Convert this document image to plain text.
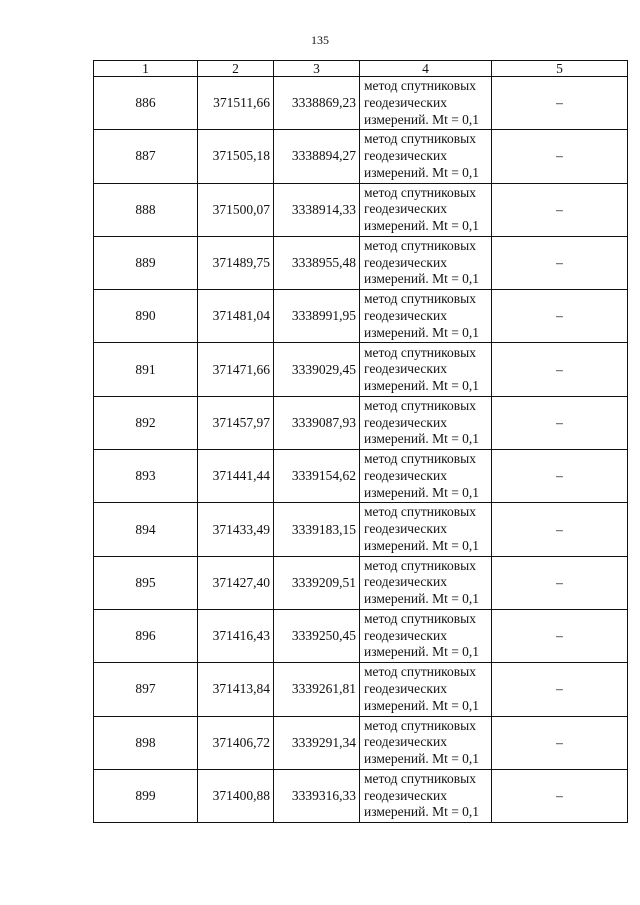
135
1	2	3	4	5
886	371511,66	3338869,23	метод спутниковых
геодезических
измерений. Mt = 0,1	–
887	371505,18	3338894,27	метод спутниковых
геодезических
измерений. Mt = 0,1	–
888	371500,07	3338914,33	метод спутниковых
геодезических
измерений. Mt = 0,1	–
889	371489,75	3338955,48	метод спутниковых
геодезических
измерений. Mt = 0,1	–
890	371481,04	3338991,95	метод спутниковых
геодезических
измерений. Mt = 0,1	–
891	371471,66	3339029,45	метод спутниковых
геодезических
измерений. Mt = 0,1	–
892	371457,97	3339087,93	метод спутниковых
геодезических
измерений. Mt = 0,1	–
893	371441,44	3339154,62	метод спутниковых
геодезических
измерений. Mt = 0,1	–
894	371433,49	3339183,15	метод спутниковых
геодезических
измерений. Mt = 0,1	–
895	371427,40	3339209,51	метод спутниковых
геодезических
измерений. Mt = 0,1	–
896	371416,43	3339250,45	метод спутниковых
геодезических
измерений. Mt = 0,1	–
897	371413,84	3339261,81	метод спутниковых
геодезических
измерений. Mt = 0,1	–
898	371406,72	3339291,34	метод спутниковых
геодезических
измерений. Mt = 0,1	–
899	371400,88	3339316,33	метод спутниковых
геодезических
измерений. Mt = 0,1	–
